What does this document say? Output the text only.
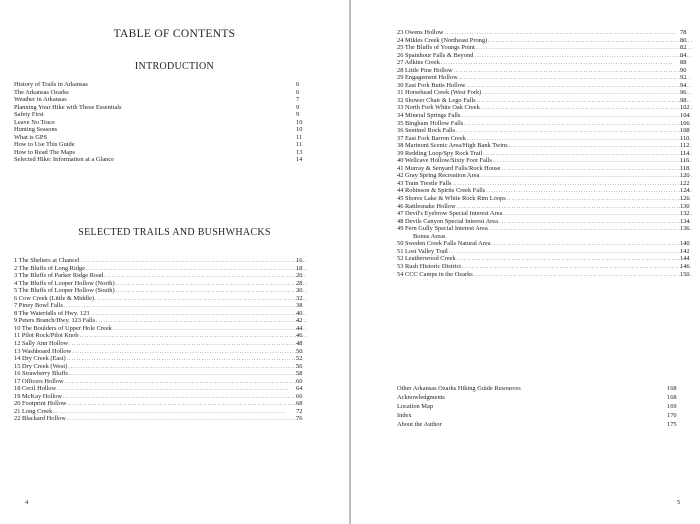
TABLE OF CONTENTS
INTRODUCTION
History of Trails in Arkansas	6
The Arkansas Ozarks	6
Weather in Arkansas	7
Planning Your Hike with These Essentials	9
Safety First	9
Leave No Trace	10
Hunting Seasons	10
What is GPS	11
How to Use This Guide	11
How to Read The Maps	13
Selected Hike: Information at a Glance	14
SELECTED TRAILS AND BUSHWHACKS
1 The Shelters at Chancel . . .	16
2 The Bluffs of Long Ridge . . .	18
3 The Bluffs of Parker Ridge Road . . .	20
4 The Bluffs of Looper Hollow (North) . . .	28
5 The Bluffs of Looper Hollow (South) . . .	30
6 Cow Creek (Little & Middle) . . .	32
7 Piney Bowl Falls . . .	38
8 The Waterfalls of Hwy. 123 . . .	40
9 Peters Branch/Hwy. 123 Falls . . .	42
10 The Boulders of Upper Hole Creek . . .	44
11 Pilot Rock/Pilot Knob . . .	46
12 Sally Ann Hollow . . .	48
13 Washboard Hollow . . .	50
14 Dry Creek (East) . . .	52
15 Dry Creek (West) . . .	56
16 Strawberry Bluffs . . .	58
17 Officers Hollow . . .	60
18 Cecil Hollow . . .	64
19 McKay Hollow . . .	66
20 Footprint Hollow . . .	68
21 Long Creek . . .	72
22 Blackard Hollow . . .	76
4
23 Owens Hollow . . .	78
24 Mikles Creek (Northeast Prong) . . .	80
25 The Bluffs of Youngs Point . . .	82
26 Spainhour Falls & Beyond . . .	84
27 Adkins Creek . . .	88
28 Little Pine Hollow . . .	90
29 Engagement Hollow . . .	92
30 East Fork Butts Hollow . . .	94
31 Horsehead Creek (West Fork) . . .	96
32 Shower Chair & Lego Falls . . .	98
33 North Fork White Oak Creek . . .	102
34 Mineral Springs Falls . . .	104
35 Bingham Hollow Falls . . .	106
36 Sentinel Rock Falls . . .	108
37 East Fork Barron Creek . . .	110
38 Marinoni Scenic Area/High Bank Twins . . .	112
39 Redding Loop/Spy Rock Trail . . .	114
40 Wellcave Hollow/Sixty Foot Falls . . .	116
41 Murray & Senyard Falls/Rock House . . .	118
42 Gray Spring Recreation Area . . .	120
43 Train Trestle Falls . . .	122
44 Robinson & Spirits Creek Falls . . .	124
45 Shores Lake & White Rock Rim Loops . . .	126
46 Rattlesnake Hollow . . .	130
47 Devil's Eyebrow Special Interest Area . . .	132
48 Devils Canyon Special Interest Area . . .	134
49 Fern Gully Special Interest Area . . .	136
Bonus Areas
50 Sweden Creek Falls Natural Area . . .	140
51 Lost Valley Trail . . .	142
52 Leatherwood Creek . . .	144
53 Rush Historic District . . .	146
54 CCC Camps in the Ozarks . . .	150
Other Arkansas Ozarks Hiking Guide Resources	168
Acknowledgments	168
Location Map	169
Index	170
About the Author	175
5
